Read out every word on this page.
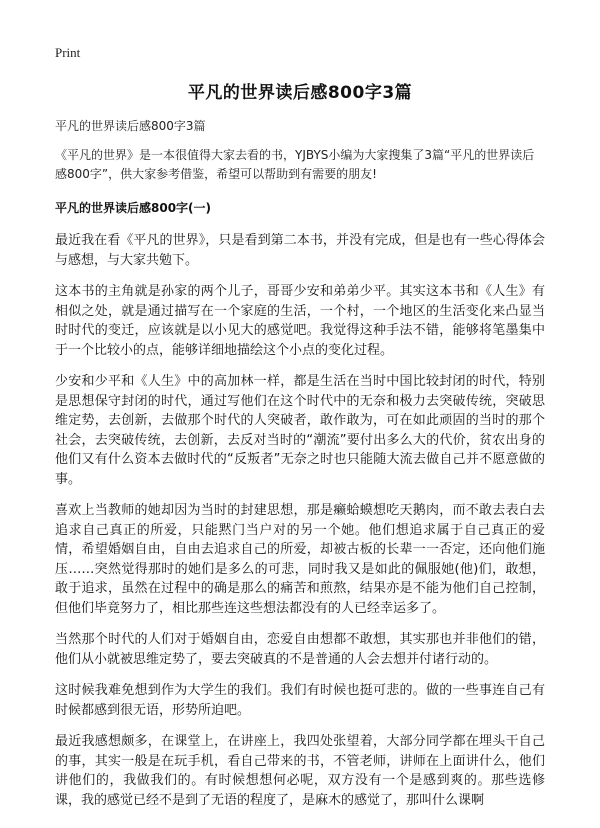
Print
平凡的世界读后感800字3篇

平凡的世界读后感800字3篇

《平凡的世界》是一本很值得大家去看的书，YJBYS小编为大家搜集了3篇“平凡的世界读后感800字”，供大家参考借鉴，希望可以帮助到有需要的朋友!

平凡的世界读后感800字(一)

最近我在看《平凡的世界》，只是看到第二本书，并没有完成，但是也有一些心得体会与感想，与大家共勉下。

这本书的主角就是孙家的两个儿子，哥哥少安和弟弟少平。其实这本书和《人生》有相似之处，就是通过描写在一个家庭的生活，一个村，一个地区的生活变化来凸显当时时代的变迁，应该就是以小见大的感觉吧。我觉得这种手法不错，能够将笔墨集中于一个比较小的点，能够详细地描绘这个小点的变化过程。

少安和少平和《人生》中的高加林一样，都是生活在当时中国比较封闭的时代，特别是思想保守封闭的时代，通过写他们在这个时代中的无奈和极力去突破传统，突破思维定势，去创新，去做那个时代的人突破者，敢作敢为，可在如此顽固的当时的那个社会，去突破传统，去创新，去反对当时的“潮流”要付出多么大的代价，贫农出身的他们又有什么资本去做时代的“反叛者”无奈之时也只能随大流去做自己并不愿意做的事。

喜欢上当教师的她却因为当时的封建思想，那是癞蛤蟆想吃天鹅肉，而不敢去表白去追求自己真正的所爱，只能黙门当户对的另一个她。他们想追求属于自己真正的爱情，希望婚姻自由，自由去追求自己的所爱，却被古板的长辈一一否定，还向他们施压……突然觉得那时的她们是多么的可悲，同时我又是如此的佩服她(他)们，敢想，敢于追求，虽然在过程中的确是那么的痛苦和煎熬，结果亦是不能为他们自己控制，但他们毕竟努力了，相比那些连这些想法都没有的人已经幸运多了。

当然那个时代的人们对于婚姻自由，恋爱自由想都不敢想，其实那也并非他们的错，他们从小就被思维定势了，要去突破真的不是普通的人会去想并付诸行动的。

这时候我难免想到作为大学生的我们。我们有时候也挺可悲的。做的一些事连自己有时候都感到很无语，形势所迫吧。

最近我感想颇多，在课堂上，在讲座上，我四处张望着，大部分同学都在埋头干自己的事，其实一般是在玩手机，看自己带来的书，不管老师，讲师在上面讲什么，他们讲他们的，我做我们的。有时候想想何必呢，双方没有一个是感到爽的。那些选修课，我的感觉已经不是到了无语的程度了，是麻木的感觉了，那叫什么课啊
